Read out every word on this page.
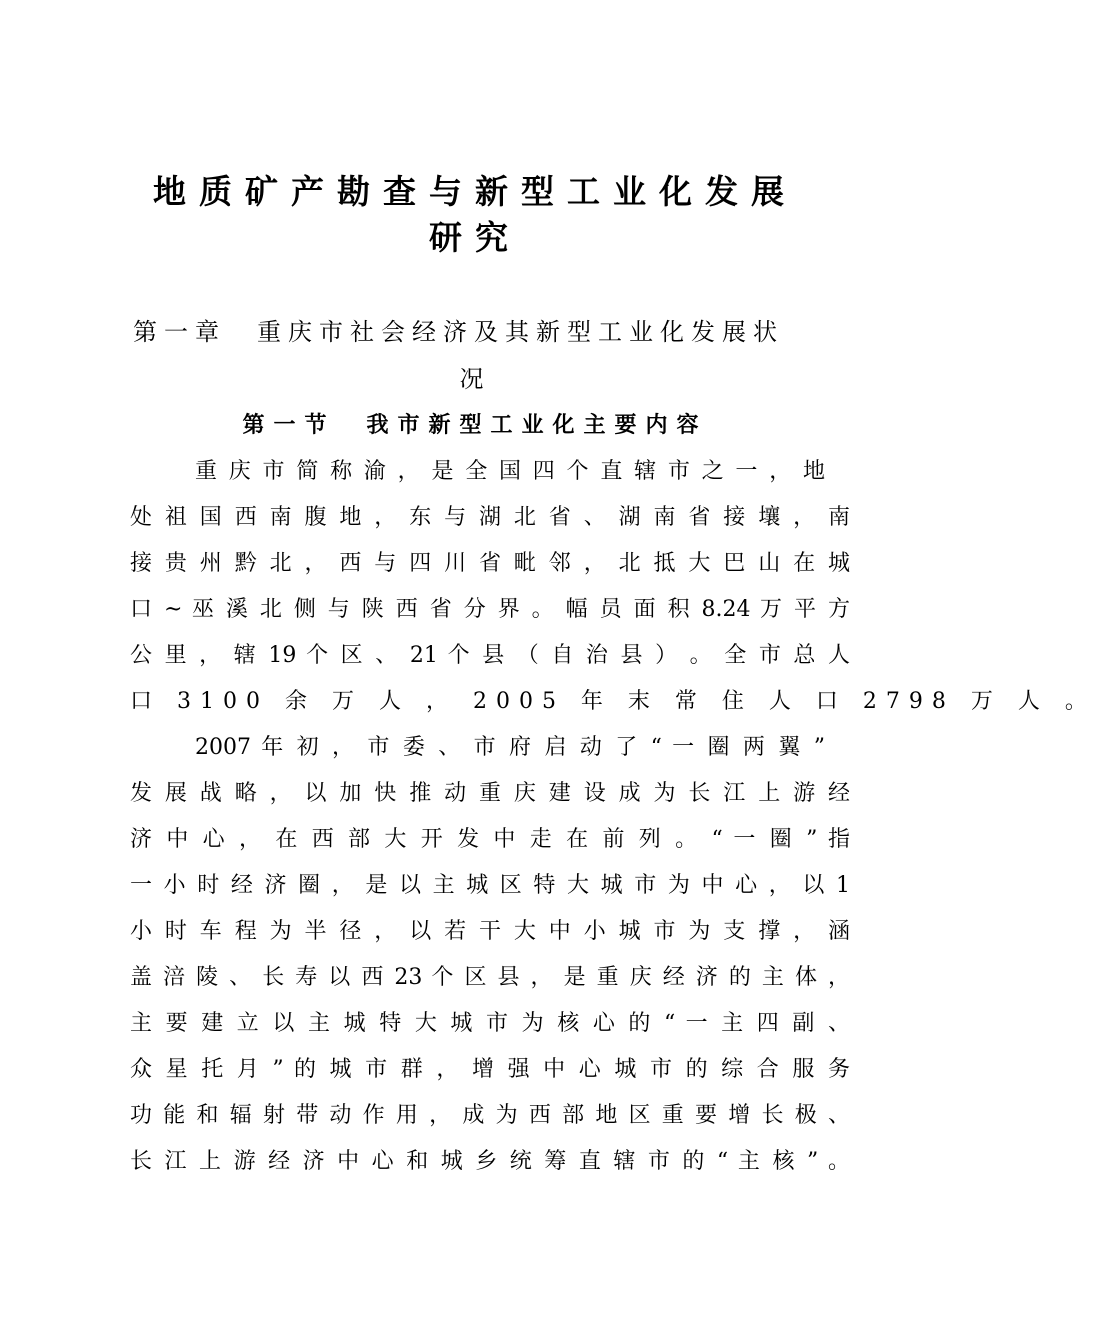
地质矿产勘查与新型工业化发展
研究
第一章　重庆市社会经济及其新型工业化发展状
况
第一节　我市新型工业化主要内容
重 庆 市 简 称 渝 ， 是 全 国 四 个 直 辖 市 之 一 ， 地
处 祖 国 西 南 腹 地 ， 东 与 湖 北 省 、 湖 南 省 接 壤 ， 南
接 贵 州 黔 北 ， 西 与 四 川 省 毗 邻 ， 北 抵 大 巴 山 在 城
口 ~ 巫 溪 北 侧 与 陕 西 省 分 界 。 幅 员 面 积 8.24 万 平 方
公 里 ， 辖 19 个 区 、 21 个 县 （ 自 治 县 ） 。 全 市 总 人
口 3100 余 万 人 ， 2005 年 末 常 住 人 口 2798 万 人 。
2007 年 初 ， 市 委 、 市 府 启 动 了 “ 一 圈 两 翼 ”
发 展 战 略 ， 以 加 快 推 动 重 庆 建 设 成 为 长 江 上 游 经
济 中 心 ， 在 西 部 大 开 发 中 走 在 前 列 。 “ 一 圈 ” 指
一 小 时 经 济 圈 ， 是 以 主 城 区 特 大 城 市 为 中 心 ， 以 1
小 时 车 程 为 半 径 ， 以 若 干 大 中 小 城 市 为 支 撑 ， 涵
盖 涪 陵 、 长 寿 以 西 23 个 区 县 ， 是 重 庆 经 济 的 主 体 ，
主 要 建 立 以 主 城 特 大 城 市 为 核 心 的 “ 一 主 四 副 、
众 星 托 月 ” 的 城 市 群 ， 增 强 中 心 城 市 的 综 合 服 务
功 能 和 辐 射 带 动 作 用 ， 成 为 西 部 地 区 重 要 增 长 极 、
长 江 上 游 经 济 中 心 和 城 乡 统 筹 直 辖 市 的 “ 主 核 ” 。
